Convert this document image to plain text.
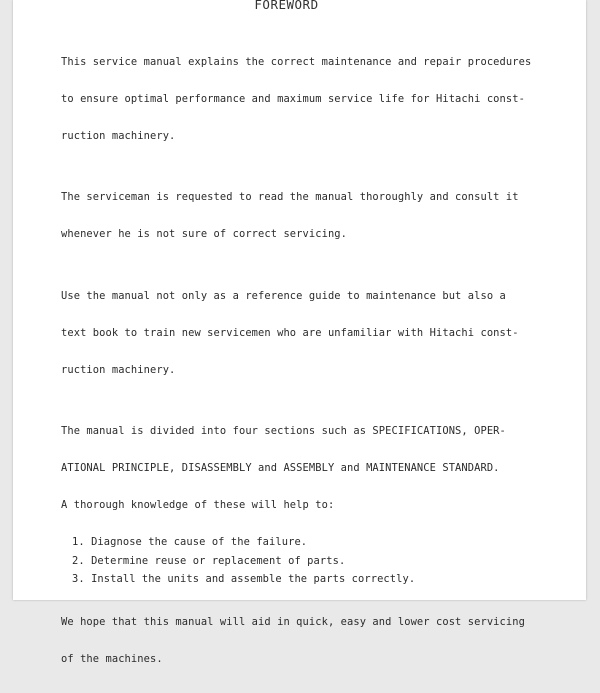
FOREWORD

This service manual explains the correct maintenance and repair procedures

to ensure optimal performance and maximum service life for Hitachi const-

ruction machinery.

The serviceman is requested to read the manual thoroughly and consult it

whenever he is not sure of correct servicing.

Use the manual not only as a reference guide to maintenance but also a

text book to train new servicemen who are unfamiliar with Hitachi const-

ruction machinery.

The manual is divided into four sections such as SPECIFICATIONS, OPER-

ATIONAL PRINCIPLE, DISASSEMBLY and ASSEMBLY and MAINTENANCE STANDARD.

A thorough knowledge of these will help to:

1. Diagnose the cause of the failure.
2. Determine reuse or replacement of parts.
3. Install the units and assemble the parts correctly.

We hope that this manual will aid in quick, easy and lower cost servicing

of the machines.
